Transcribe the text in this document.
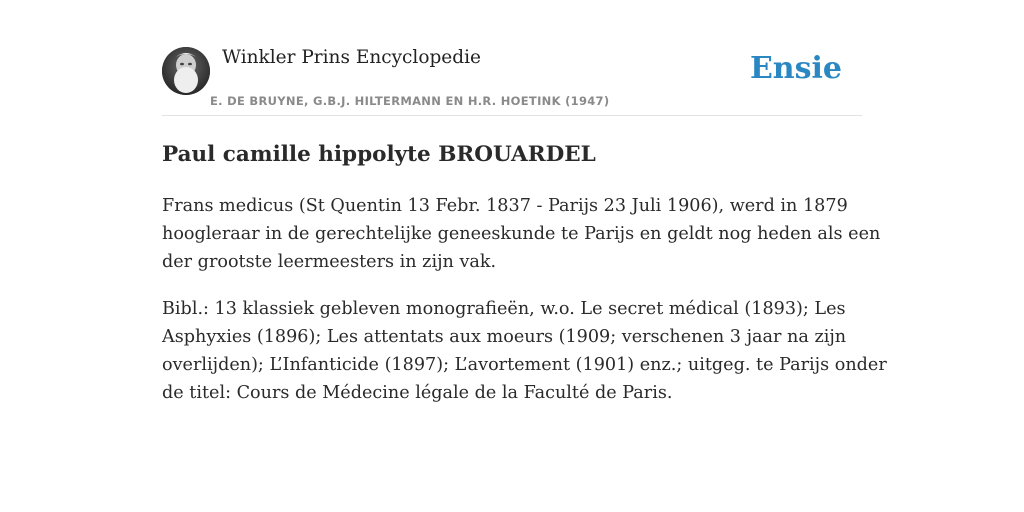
Winkler Prins Encyclopedie
E. DE BRUYNE, G.B.J. HILTERMANN EN H.R. HOETINK (1947)
Ensie
Paul camille hippolyte BROUARDEL

Frans medicus (St Quentin 13 Febr. 1837 - Parijs 23 Juli 1906), werd in 1879
hoogleraar in de gerechtelijke geneeskunde te Parijs en geldt nog heden als een
der grootste leermeesters in zijn vak.

Bibl.: 13 klassiek gebleven monografieën, w.o. Le secret médical (1893); Les
Asphyxies (1896); Les attentats aux moeurs (1909; verschenen 3 jaar na zijn
overlijden); L’Infanticide (1897); L’avortement (1901) enz.; uitgeg. te Parijs onder
de titel: Cours de Médecine légale de la Faculté de Paris.
